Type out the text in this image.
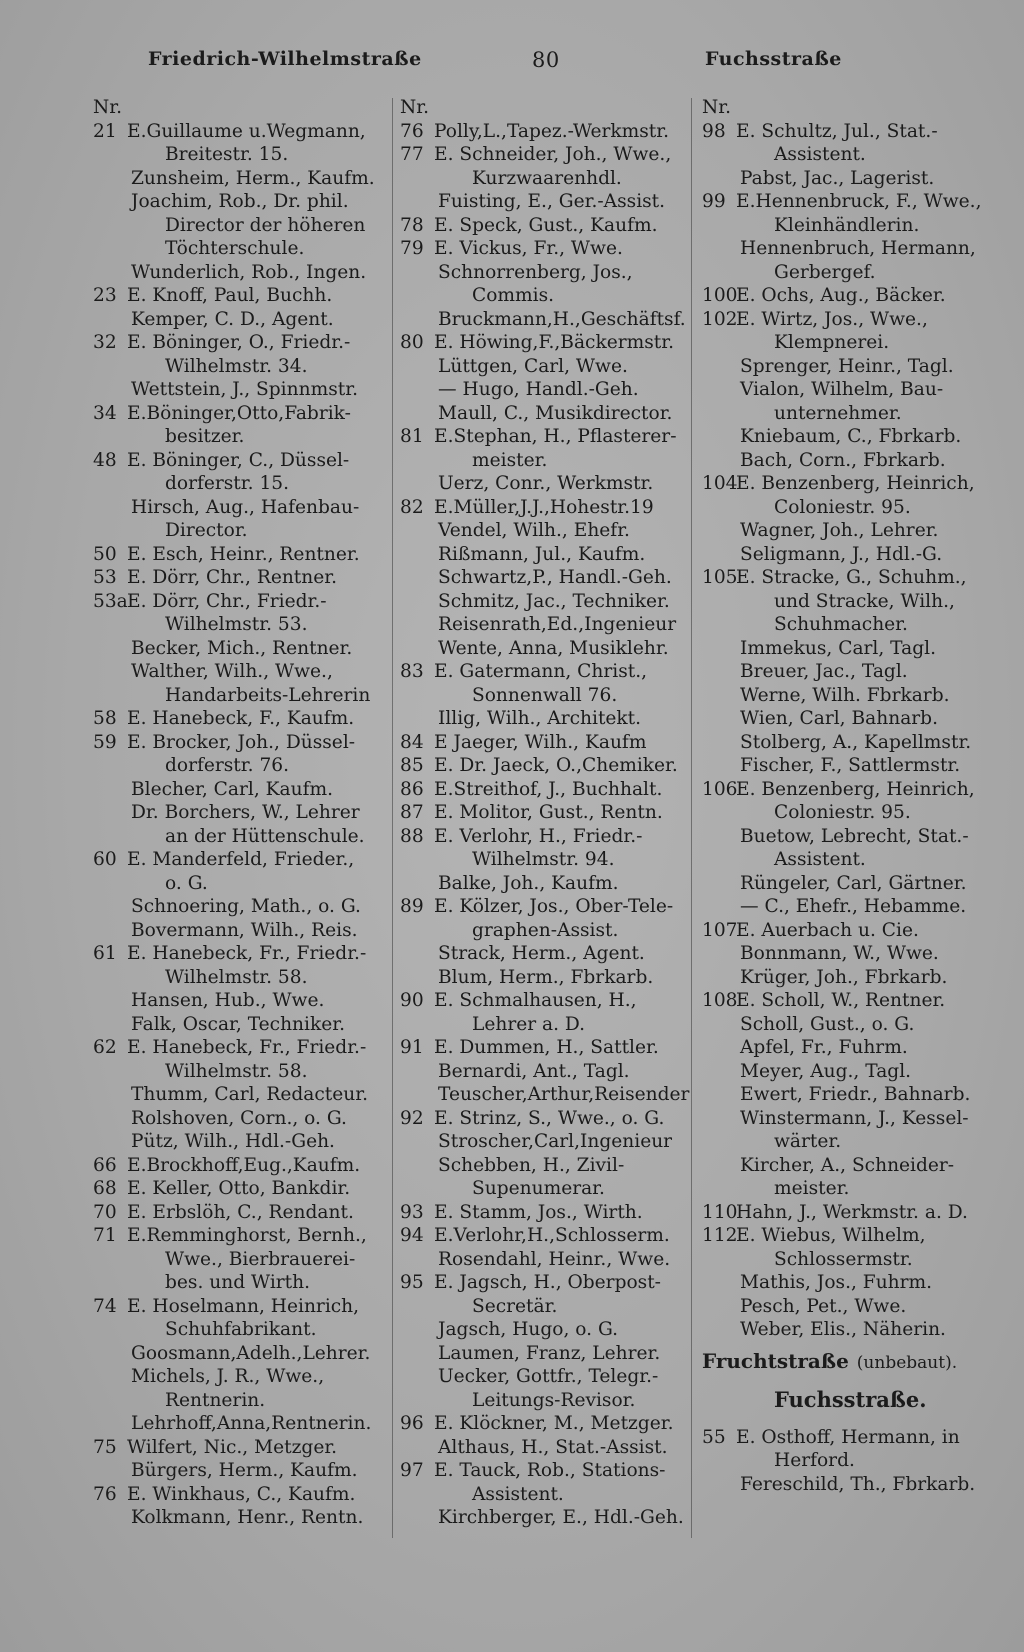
Friedrich-Wilhelmstraße	80	Fuchsstraße
Nr.
21 E.Guillaume u.Wegmann,
Breitestr. 15.
Zunsheim, Herm., Kaufm.
Joachim, Rob., Dr. phil.
Director der höheren
Töchterschule.
Wunderlich, Rob., Ingen.
23 E. Knoff, Paul, Buchh.
Kemper, C. D., Agent.
32 E. Böninger, O., Friedr.-
Wilhelmstr. 34.
Wettstein, J., Spinnmstr.
34 E.Böninger,Otto,Fabrik-
besitzer.
48 E. Böninger, C., Düssel-
dorferstr. 15.
Hirsch, Aug., Hafenbau-
Director.
50 E. Esch, Heinr., Rentner.
53 E. Dörr, Chr., Rentner.
53aE. Dörr, Chr., Friedr.-
Wilhelmstr. 53.
Becker, Mich., Rentner.
Walther, Wilh., Wwe.,
Handarbeits-Lehrerin
58 E. Hanebeck, F., Kaufm.
59 E. Brocker, Joh., Düssel-
dorferstr. 76.
Blecher, Carl, Kaufm.
Dr. Borchers, W., Lehrer
an der Hüttenschule.
60 E. Manderfeld, Frieder.,
o. G.
Schnoering, Math., o. G.
Bovermann, Wilh., Reis.
61 E. Hanebeck, Fr., Friedr.-
Wilhelmstr. 58.
Hansen, Hub., Wwe.
Falk, Oscar, Techniker.
62 E. Hanebeck, Fr., Friedr.-
Wilhelmstr. 58.
Thumm, Carl, Redacteur.
Rolshoven, Corn., o. G.
Pütz, Wilh., Hdl.-Geh.
66 E.Brockhoff,Eug.,Kaufm.
68 E. Keller, Otto, Bankdir.
70 E. Erbslöh, C., Rendant.
71 E.Remminghorst, Bernh.,
Wwe., Bierbrauerei-
bes. und Wirth.
74 E. Hoselmann, Heinrich,
Schuhfabrikant.
Goosmann,Adelh.,Lehrer.
Michels, J. R., Wwe.,
Rentnerin.
Lehrhoff,Anna,Rentnerin.
75 Wilfert, Nic., Metzger.
Bürgers, Herm., Kaufm.
76 E. Winkhaus, C., Kaufm.
Kolkmann, Henr., Rentn.
Nr.
76 Polly,L.,Tapez.-Werkmstr.
77 E. Schneider, Joh., Wwe.,
Kurzwaarenhdl.
Fuisting, E., Ger.-Assist.
78 E. Speck, Gust., Kaufm.
79 E. Vickus, Fr., Wwe.
Schnorrenberg, Jos.,
Commis.
Bruckmann,H.,Geschäftsf.
80 E. Höwing,F.,Bäckermstr.
Lüttgen, Carl, Wwe.
— Hugo, Handl.-Geh.
Maull, C., Musikdirector.
81 E.Stephan, H., Pflasterer-
meister.
Uerz, Conr., Werkmstr.
82 E.Müller,J.J.,Hohestr.19
Vendel, Wilh., Ehefr.
Rißmann, Jul., Kaufm.
Schwartz,P., Handl.-Geh.
Schmitz, Jac., Techniker.
Reisenrath,Ed.,Ingenieur
Wente, Anna, Musiklehr.
83 E. Gatermann, Christ.,
Sonnenwall 76.
Illig, Wilh., Architekt.
84 E Jaeger, Wilh., Kaufm
85 E. Dr. Jaeck, O.,Chemiker.
86 E.Streithof, J., Buchhalt.
87 E. Molitor, Gust., Rentn.
88 E. Verlohr, H., Friedr.-
Wilhelmstr. 94.
Balke, Joh., Kaufm.
89 E. Kölzer, Jos., Ober-Tele-
graphen-Assist.
Strack, Herm., Agent.
Blum, Herm., Fbrkarb.
90 E. Schmalhausen, H.,
Lehrer a. D.
91 E. Dummen, H., Sattler.
Bernardi, Ant., Tagl.
Teuscher,Arthur,Reisender
92 E. Strinz, S., Wwe., o. G.
Stroscher,Carl,Ingenieur
Schebben, H., Zivil-
Supenumerar.
93 E. Stamm, Jos., Wirth.
94 E.Verlohr,H.,Schlosserm.
Rosendahl, Heinr., Wwe.
95 E. Jagsch, H., Oberpost-
Secretär.
Jagsch, Hugo, o. G.
Laumen, Franz, Lehrer.
Uecker, Gottfr., Telegr.-
Leitungs-Revisor.
96 E. Klöckner, M., Metzger.
Althaus, H., Stat.-Assist.
97 E. Tauck, Rob., Stations-
Assistent.
Kirchberger, E., Hdl.-Geh.
Nr.
98 E. Schultz, Jul., Stat.-
Assistent.
Pabst, Jac., Lagerist.
99 E.Hennenbruck, F., Wwe.,
Kleinhändlerin.
Hennenbruch, Hermann,
Gerbergef.
100E. Ochs, Aug., Bäcker.
102E. Wirtz, Jos., Wwe.,
Klempnerei.
Sprenger, Heinr., Tagl.
Vialon, Wilhelm, Bau-
unternehmer.
Kniebaum, C., Fbrkarb.
Bach, Corn., Fbrkarb.
104E. Benzenberg, Heinrich,
Coloniestr. 95.
Wagner, Joh., Lehrer.
Seligmann, J., Hdl.-G.
105E. Stracke, G., Schuhm.,
und Stracke, Wilh.,
Schuhmacher.
Immekus, Carl, Tagl.
Breuer, Jac., Tagl.
Werne, Wilh. Fbrkarb.
Wien, Carl, Bahnarb.
Stolberg, A., Kapellmstr.
Fischer, F., Sattlermstr.
106E. Benzenberg, Heinrich,
Coloniestr. 95.
Buetow, Lebrecht, Stat.-
Assistent.
Rüngeler, Carl, Gärtner.
— C., Ehefr., Hebamme.
107E. Auerbach u. Cie.
Bonnmann, W., Wwe.
Krüger, Joh., Fbrkarb.
108E. Scholl, W., Rentner.
Scholl, Gust., o. G.
Apfel, Fr., Fuhrm.
Meyer, Aug., Tagl.
Ewert, Friedr., Bahnarb.
Winstermann, J., Kessel-
wärter.
Kircher, A., Schneider-
meister.
110Hahn, J., Werkmstr. a. D.
112E. Wiebus, Wilhelm,
Schlossermstr.
Mathis, Jos., Fuhrm.
Pesch, Pet., Wwe.
Weber, Elis., Näherin.
Fruchtstraße (unbebaut).
Fuchsstraße.
55 E. Osthoff, Hermann, in
Herford.
Fereschild, Th., Fbrkarb.
